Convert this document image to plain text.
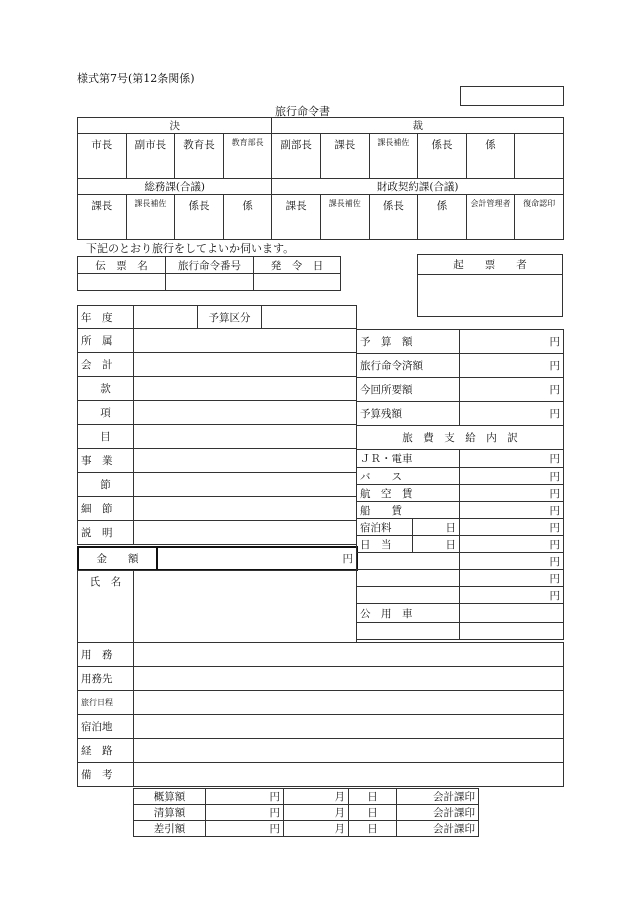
様式第7号(第12条関係)
旅行命令書
決				裁					
市長	副市長	教育長	教育部長	副部長	課長	課長補佐	係長	係	
総務課(合議)				財政契約課(合議)					
課長	課長補佐	係長	係	課長	課長補佐	係長	係	会計管理者	復命認印
下記のとおり旅行をしてよいか伺います。
伝　票　名	旅行命令番号	発　令　日
			起　　票　　者

年　度		予算区分	
所　属			
会　計			
款			
項			
目			
事　業			
節			
細　節			
説　明			
金　　額	円
氏　名	
予　算　額		円
旅行命令済額		円
今回所要額		円
予算残額		円
旅　費　支　給　内　訳		
ＪＲ・電車		円
バ　　ス		円
航　空　賃		円
船　　賃		円
宿泊料	日	円
日　当	日	円
		円
		円
		円
公　用　車		

用　務	
用務先	
旅行日程	
宿泊地	
経　路	
備　考	
概算額	円	月	日	会計課印
清算額	円	月	日	会計課印
差引額	円	月	日	会計課印
